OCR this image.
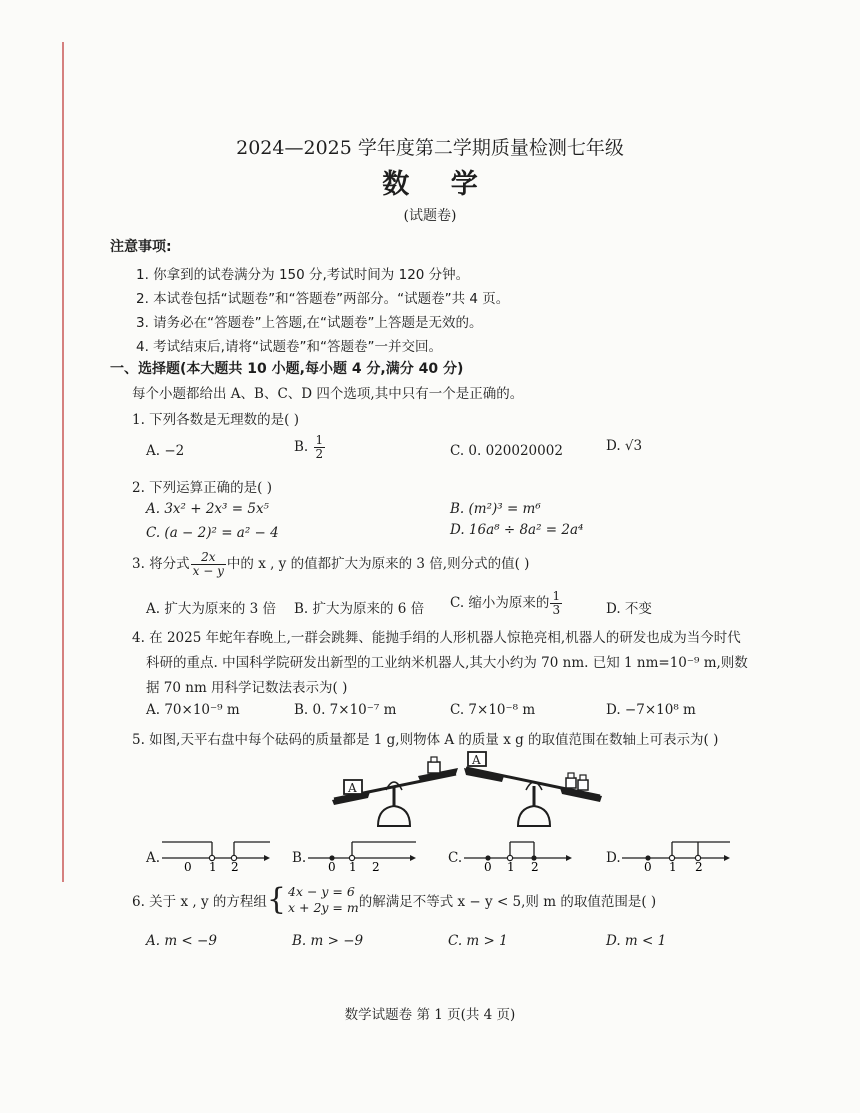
2024—2025 学年度第二学期质量检测七年级
数 学
(试题卷)
注意事项:
1. 你拿到的试卷满分为 150 分,考试时间为 120 分钟。
2. 本试卷包括“试题卷”和“答题卷”两部分。“试题卷”共 4 页。
3. 请务必在“答题卷”上答题,在“试题卷”上答题是无效的。
4. 考试结束后,请将“试题卷”和“答题卷”一并交回。
一、选择题(本大题共 10 小题,每小题 4 分,满分 40 分)
每个小题都给出 A、B、C、D 四个选项,其中只有一个是正确的。
1. 下列各数是无理数的是( )
A. −2	B. $\frac{1}{2}$	C. 0. 020020002	D. √3
2. 下列运算正确的是( )
A. 3x² + 2x³ = 5x⁵	B. (m²)³ = m⁶
C. (a − 2)² = a² − 4	D. 16a⁸ ÷ 8a² = 2a⁴
3. 将分式 $\frac{2x}{x - y}$ 中的 x , y 的值都扩大为原来的 3 倍,则分式的值( )
A. 扩大为原来的 3 倍 B. 扩大为原来的 6 倍 C. 缩小为原来的 $\frac{1}{3}$	D. 不变
4. 在 2025 年蛇年春晚上,一群会跳舞、能抛手绢的人形机器人惊艳亮相,机器人的研发也成为当今时代
科研的重点. 中国科学院研发出新型的工业纳米机器人,其大小约为 70 nm. 已知 1 nm=10⁻⁹ m,则数
据 70 nm 用科学记数法表示为( )
A. 70×10⁻⁹ m	B. 0. 7×10⁻⁷ m	C. 7×10⁻⁸ m	D. −7×10⁸ m
5. 如图,天平右盘中每个砝码的质量都是 1 g,则物体 A 的质量 x g 的取值范围在数轴上可表示为( )
A
A
A.
0 1 2
B.
0 1 2
C.
0 1 2
D.
0 1 2
6. 关于 x , y 的方程组 { 4x − y = 6
x + 2y = m 的解满足不等式 x − y < 5,则 m 的取值范围是( )
A. m < −9	B. m > −9	C. m > 1	D. m < 1
数学试题卷 第 1 页(共 4 页)
